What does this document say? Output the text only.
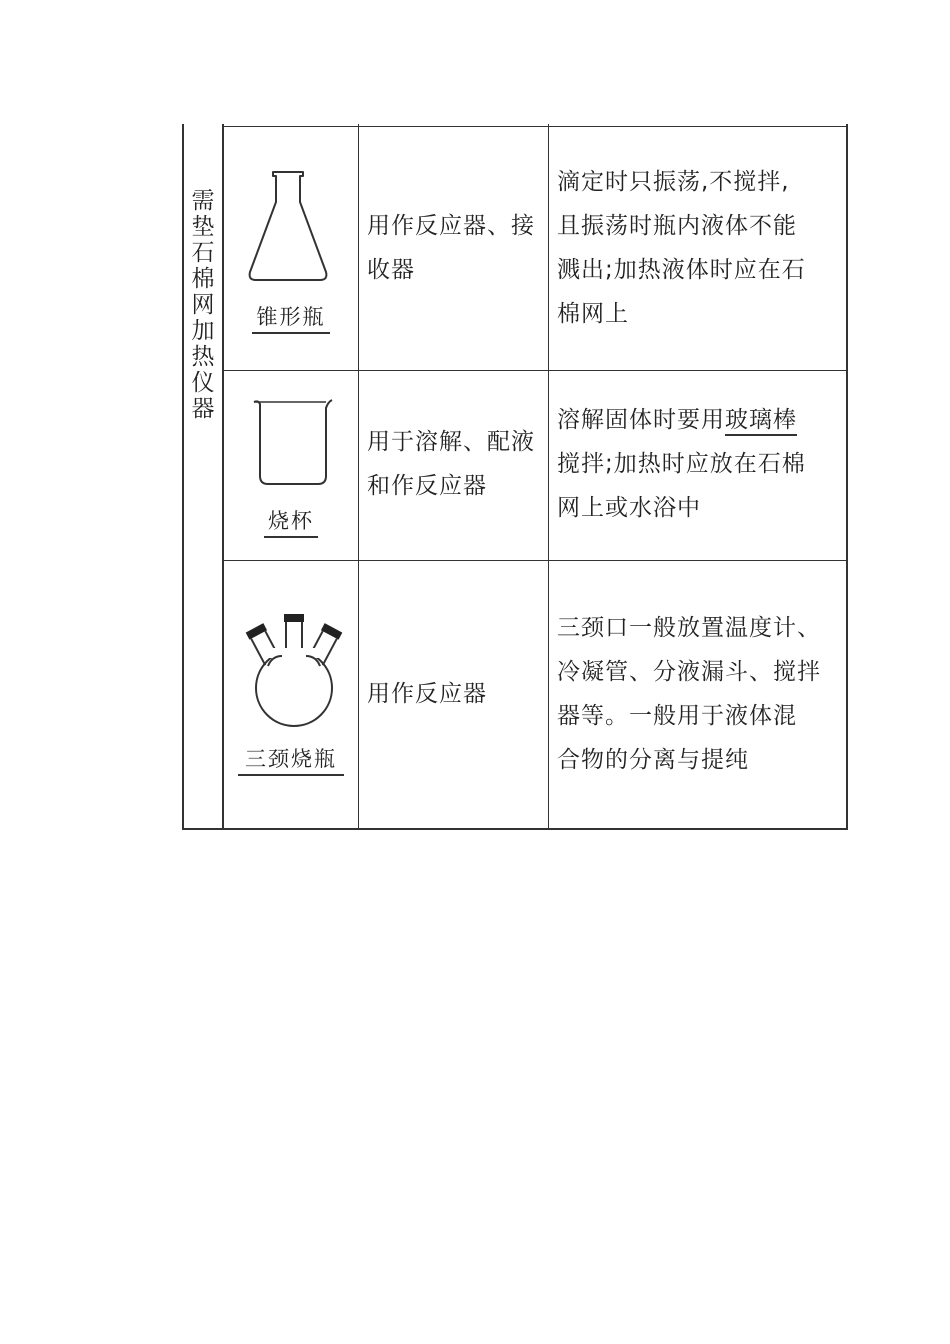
需
垫
石
棉
网
加
热
仪
器
锥形瓶
用作反应器、接
收器
滴定时只振荡,不搅拌,
且振荡时瓶内液体不能
溅出;加热液体时应在石
棉网上
烧杯
用于溶解、配液
和作反应器
溶解固体时要用玻璃棒
搅拌;加热时应放在石棉
网上或水浴中
三颈烧瓶
用作反应器
三颈口一般放置温度计、
冷凝管、分液漏斗、搅拌
器等。一般用于液体混
合物的分离与提纯
